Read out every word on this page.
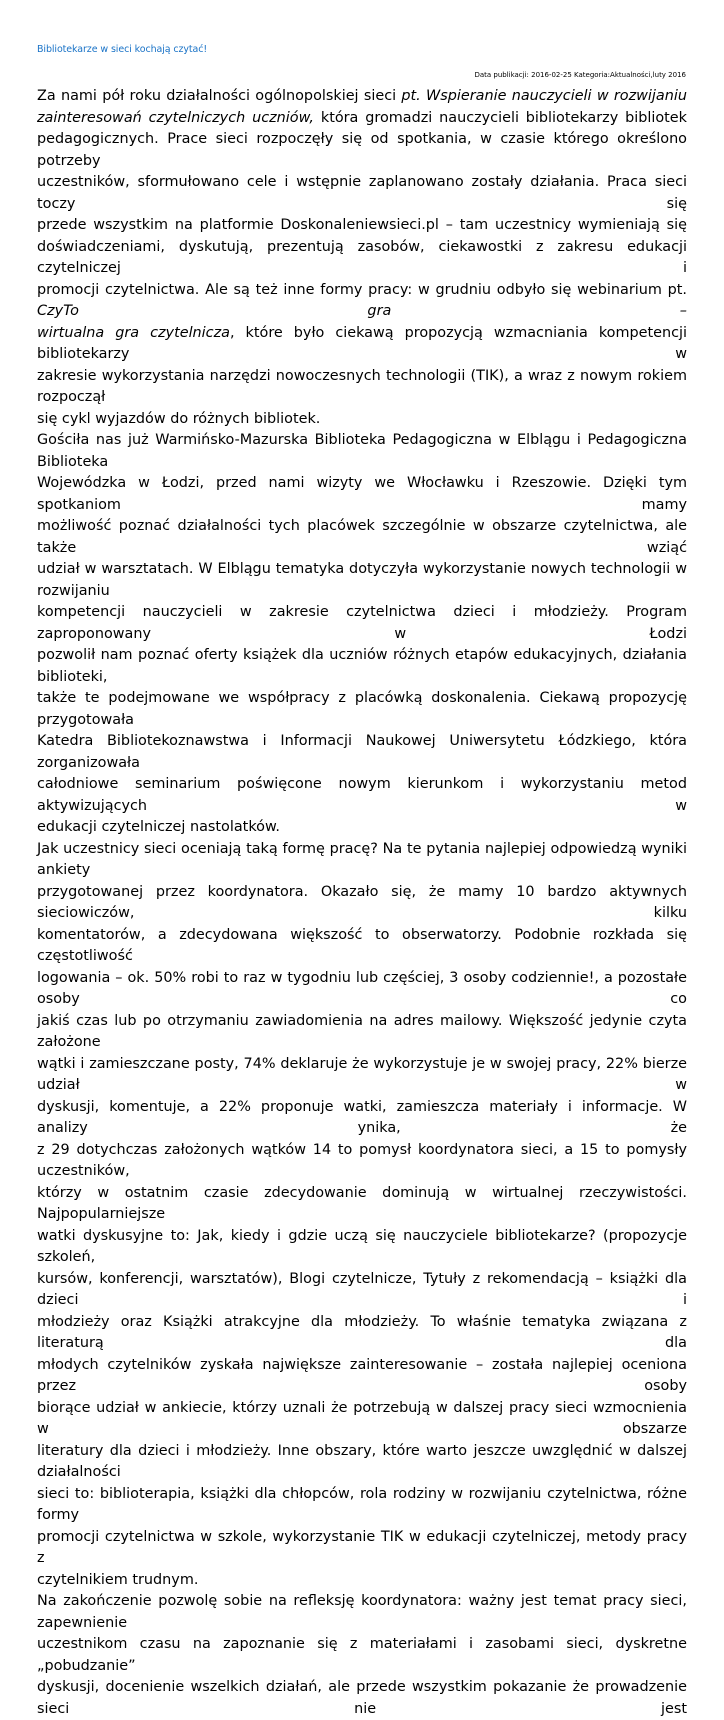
Bibliotekarze w sieci kochają czytać!
Data publikacji: 2016-02-25 Kategoria:Aktualności,luty 2016

Za nami pół roku działalności ogólnopolskiej sieci pt. Wspieranie nauczycieli w rozwijaniu
zainteresowań czytelniczych uczniów, która gromadzi nauczycieli bibliotekarzy bibliotek
pedagogicznych. Prace sieci rozpoczęły się od spotkania, w czasie którego określono potrzeby
uczestników, sformułowano cele i wstępnie zaplanowano zostały działania. Praca sieci toczy się
przede wszystkim na platformie Doskonaleniewsieci.pl – tam uczestnicy wymieniają się
doświadczeniami, dyskutują, prezentują zasobów, ciekawostki z zakresu edukacji czytelniczej i
promocji czytelnictwa. Ale są też inne formy pracy: w grudniu odbyło się webinarium pt. CzyTo gra –
wirtualna gra czytelnicza, które było ciekawą propozycją wzmacniania kompetencji bibliotekarzy w
zakresie wykorzystania narzędzi nowoczesnych technologii (TIK), a wraz z nowym rokiem rozpoczął
się cykl wyjazdów do różnych bibliotek.

Gościła nas już Warmińsko-Mazurska Biblioteka Pedagogiczna w Elblągu i Pedagogiczna Biblioteka
Wojewódzka w Łodzi, przed nami wizyty we Włocławku i Rzeszowie. Dzięki tym spotkaniom mamy
możliwość poznać działalności tych placówek szczególnie w obszarze czytelnictwa, ale także wziąć
udział w warsztatach. W Elblągu tematyka dotyczyła wykorzystanie nowych technologii w rozwijaniu
kompetencji nauczycieli w zakresie czytelnictwa dzieci i młodzieży. Program zaproponowany w Łodzi
pozwolił nam poznać oferty książek dla uczniów różnych etapów edukacyjnych, działania biblioteki,
także te podejmowane we współpracy z placówką doskonalenia. Ciekawą propozycję przygotowała
Katedra Bibliotekoznawstwa i Informacji Naukowej Uniwersytetu Łódzkiego, która zorganizowała
całodniowe seminarium poświęcone nowym kierunkom i wykorzystaniu metod aktywizujących w
edukacji czytelniczej nastolatków.

Jak uczestnicy sieci oceniają taką formę pracę? Na te pytania najlepiej odpowiedzą wyniki ankiety
przygotowanej przez koordynatora. Okazało się, że mamy 10 bardzo aktywnych sieciowiczów, kilku
komentatorów, a zdecydowana większość to obserwatorzy. Podobnie rozkłada się częstotliwość
logowania – ok. 50% robi to raz w tygodniu lub częściej, 3 osoby codziennie!, a pozostałe osoby co
jakiś czas lub po otrzymaniu zawiadomienia na adres mailowy. Większość jedynie czyta założone
wątki i zamieszczane posty, 74% deklaruje że wykorzystuje je w swojej pracy, 22% bierze udział w
dyskusji, komentuje, a 22% proponuje watki, zamieszcza materiały i informacje. W analizy ynika, że
z 29 dotychczas założonych wątków 14 to pomysł koordynatora sieci, a 15 to pomysły uczestników,
którzy w ostatnim czasie zdecydowanie dominują w wirtualnej rzeczywistości. Najpopularniejsze
watki dyskusyjne to: Jak, kiedy i gdzie uczą się nauczyciele bibliotekarze? (propozycje szkoleń,
kursów, konferencji, warsztatów), Blogi czytelnicze, Tytuły z rekomendacją – książki dla dzieci i
młodzieży oraz Książki atrakcyjne dla młodzieży. To właśnie tematyka związana z literaturą dla
młodych czytelników zyskała największe zainteresowanie – została najlepiej oceniona przez osoby
biorące udział w ankiecie, którzy uznali że potrzebują w dalszej pracy sieci wzmocnienia w obszarze
literatury dla dzieci i młodzieży. Inne obszary, które warto jeszcze uwzględnić w dalszej działalności
sieci to: biblioterapia, książki dla chłopców, rola rodziny w rozwijaniu czytelnictwa, różne formy
promocji czytelnictwa w szkole, wykorzystanie TIK w edukacji czytelniczej, metody pracy z
czytelnikiem trudnym.

Na zakończenie pozwolę sobie na refleksję koordynatora: ważny jest temat pracy sieci, zapewnienie
uczestnikom czasu na zapoznanie się z materiałami i zasobami sieci, dyskretne „pobudzanie”
dyskusji, docenienie wszelkich działań, ale przede wszystkim pokazanie że prowadzenie sieci nie jest
